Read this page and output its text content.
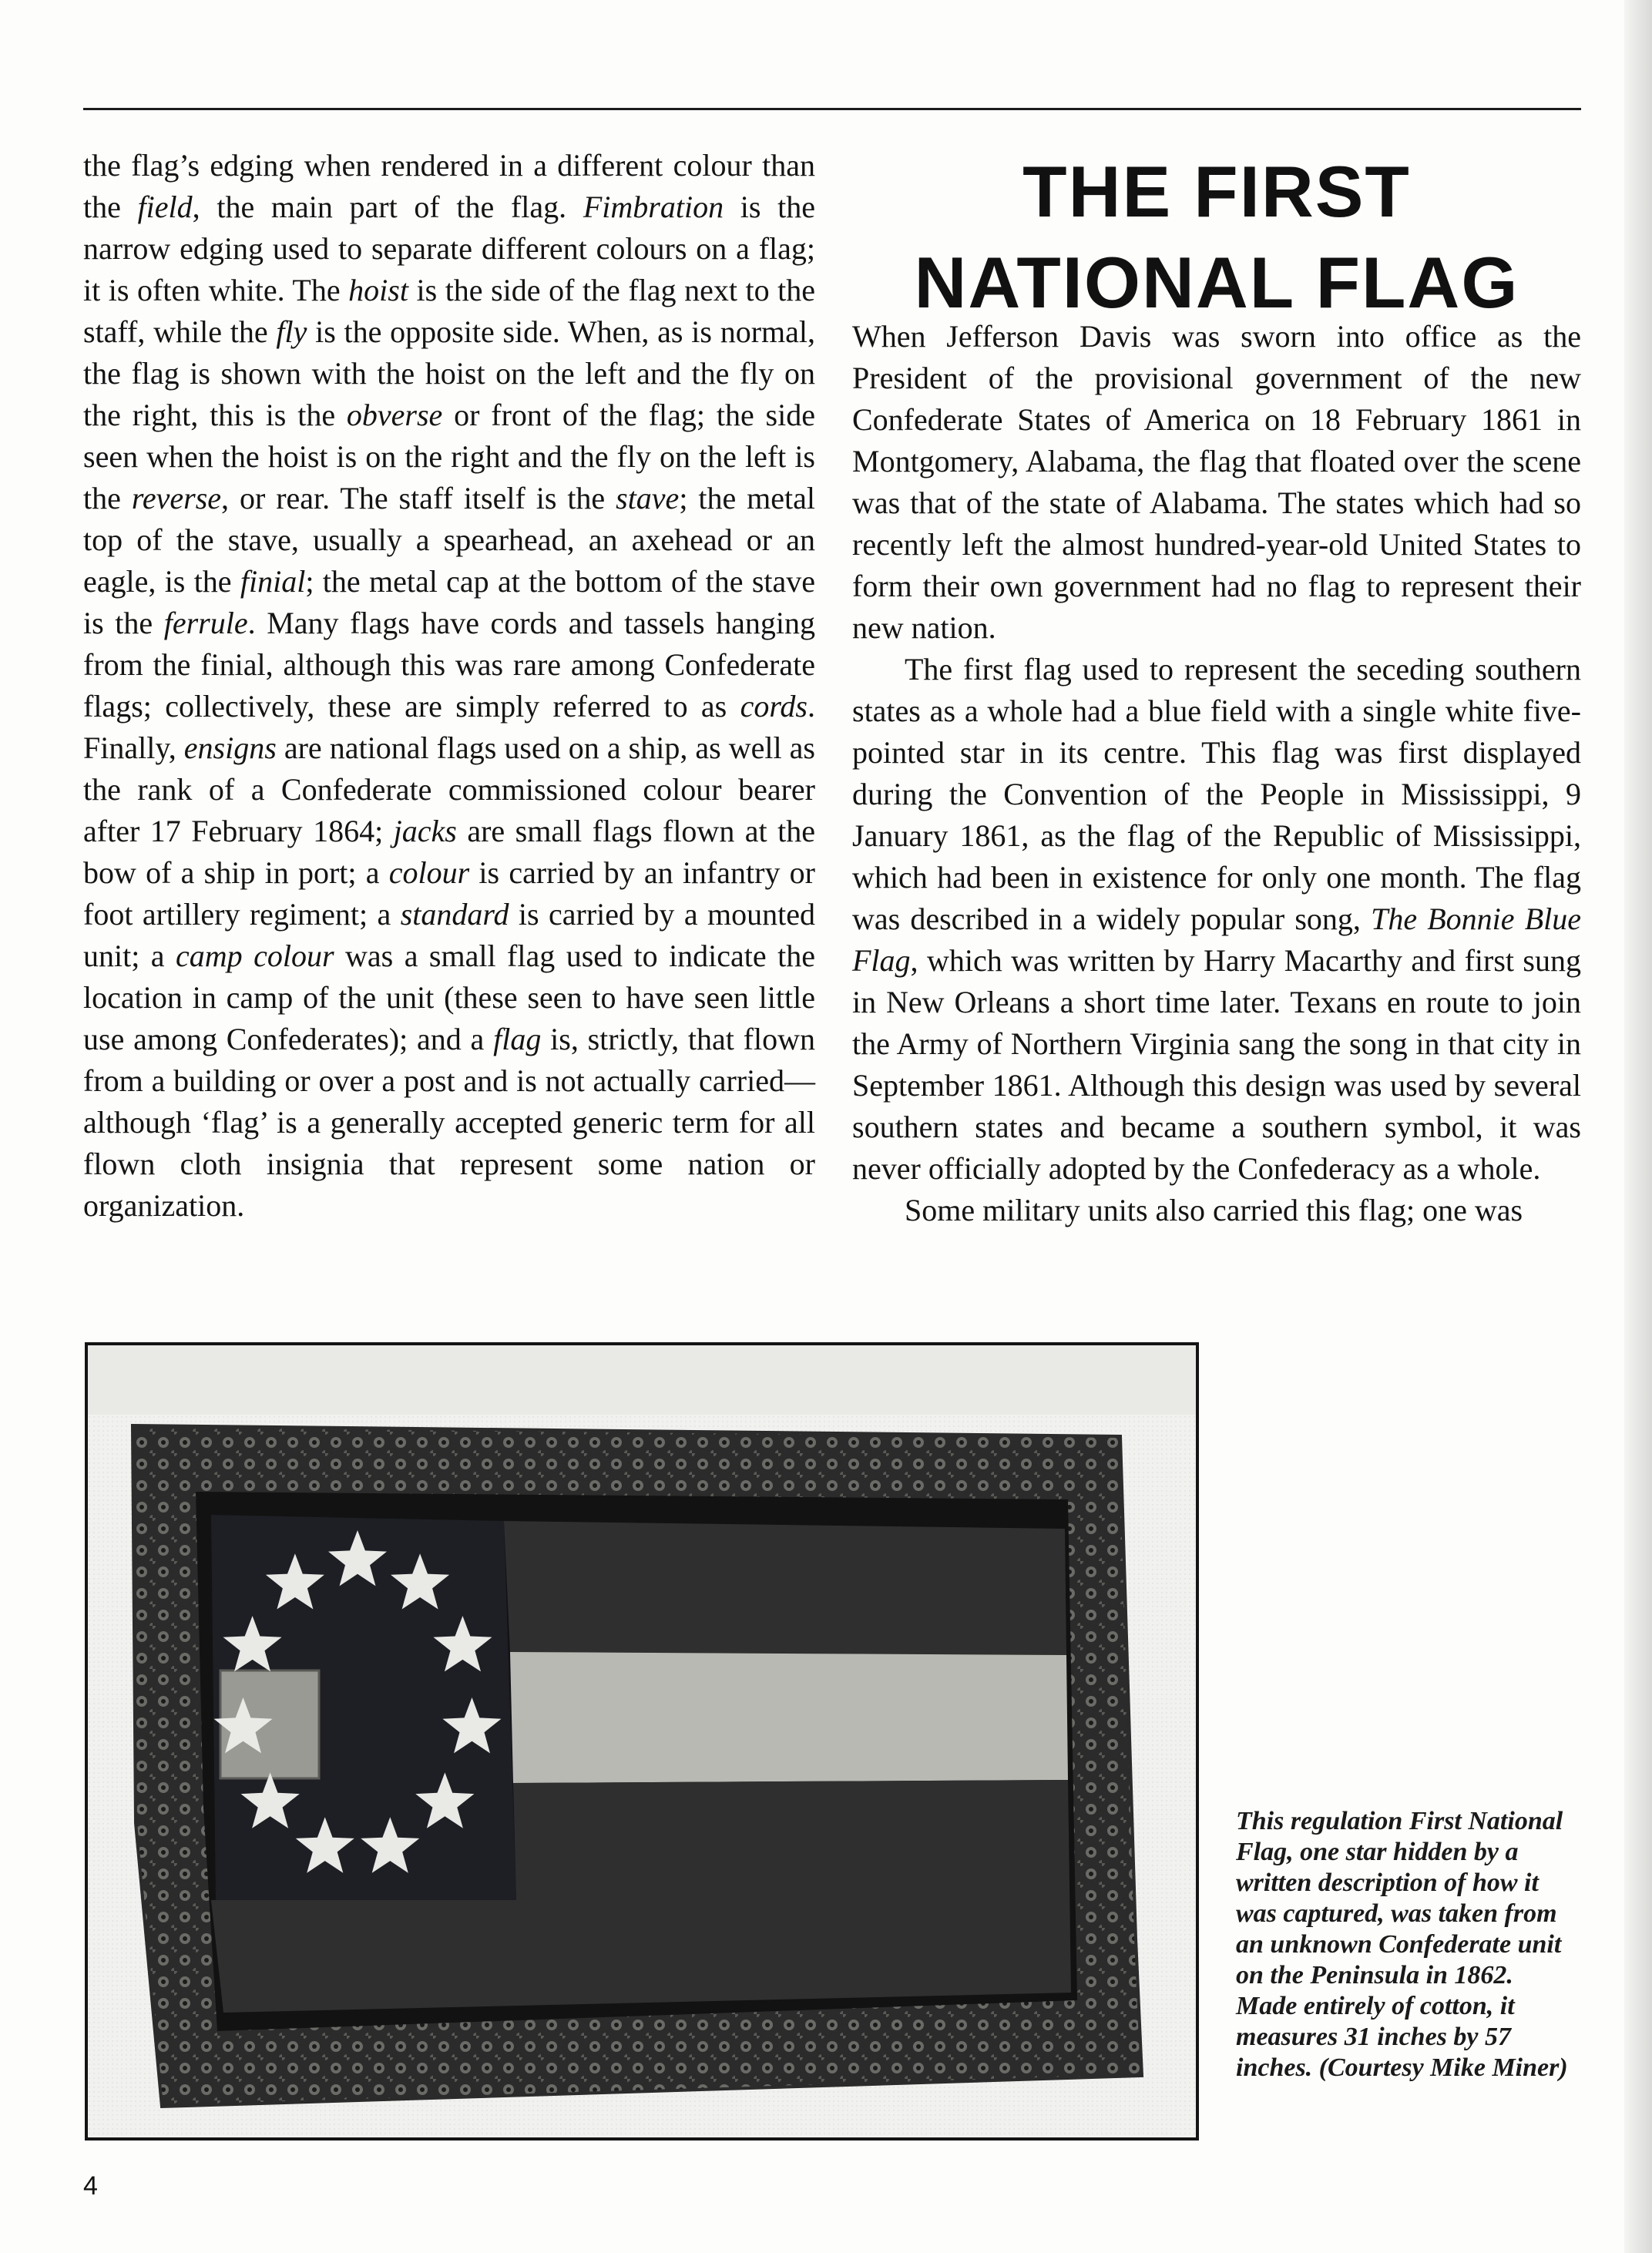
the flag’s edging when rendered in a different colour than the field, the main part of the flag. Fimbration is the narrow edging used to separate different colours on a flag; it is often white. The hoist is the side of the flag next to the staff, while the fly is the opposite side. When, as is normal, the flag is shown with the hoist on the left and the fly on the right, this is the obverse or front of the flag; the side seen when the hoist is on the right and the fly on the left is the reverse, or rear. The staff itself is the stave; the metal top of the stave, usually a spearhead, an axehead or an eagle, is the finial; the metal cap at the bottom of the stave is the ferrule. Many flags have cords and tassels hanging from the finial, although this was rare among Confederate flags; collectively, these are simply referred to as cords. Finally, ensigns are national flags used on a ship, as well as the rank of a Confederate commissioned colour bearer after 17 February 1864; jacks are small flags flown at the bow of a ship in port; a colour is carried by an infantry or foot artillery regiment; a standard is carried by a mounted unit; a camp colour was a small flag used to indicate the location in camp of the unit (these seen to have seen little use among Confederates); and a flag is, strictly, that flown from a building or over a post and is not actually carried—although ‘flag’ is a generally accepted generic term for all flown cloth insignia that represent some nation or organization.

THE FIRST
NATIONAL FLAG

When Jefferson Davis was sworn into office as the President of the provisional government of the new Confederate States of America on 18 February 1861 in Montgomery, Alabama, the flag that floated over the scene was that of the state of Alabama. The states which had so recently left the almost hundred-year-old United States to form their own government had no flag to represent their new nation.

The first flag used to represent the seceding southern states as a whole had a blue field with a single white five-pointed star in its centre. This flag was first displayed during the Convention of the People in Mississippi, 9 January 1861, as the flag of the Republic of Mississippi, which had been in existence for only one month. The flag was described in a widely popular song, The Bonnie Blue Flag, which was written by Harry Macarthy and first sung in New Orleans a short time later. Texans en route to join the Army of Northern Virginia sang the song in that city in September 1861. Although this design was used by several southern states and became a southern symbol, it was never officially adopted by the Confederacy as a whole.

Some military units also carried this flag; one was

This regulation First National Flag, one star hidden by a written description of how it was captured, was taken from an unknown Confederate unit on the Peninsula in 1862. Made entirely of cotton, it measures 31 inches by 57 inches. (Courtesy Mike Miner)

4
